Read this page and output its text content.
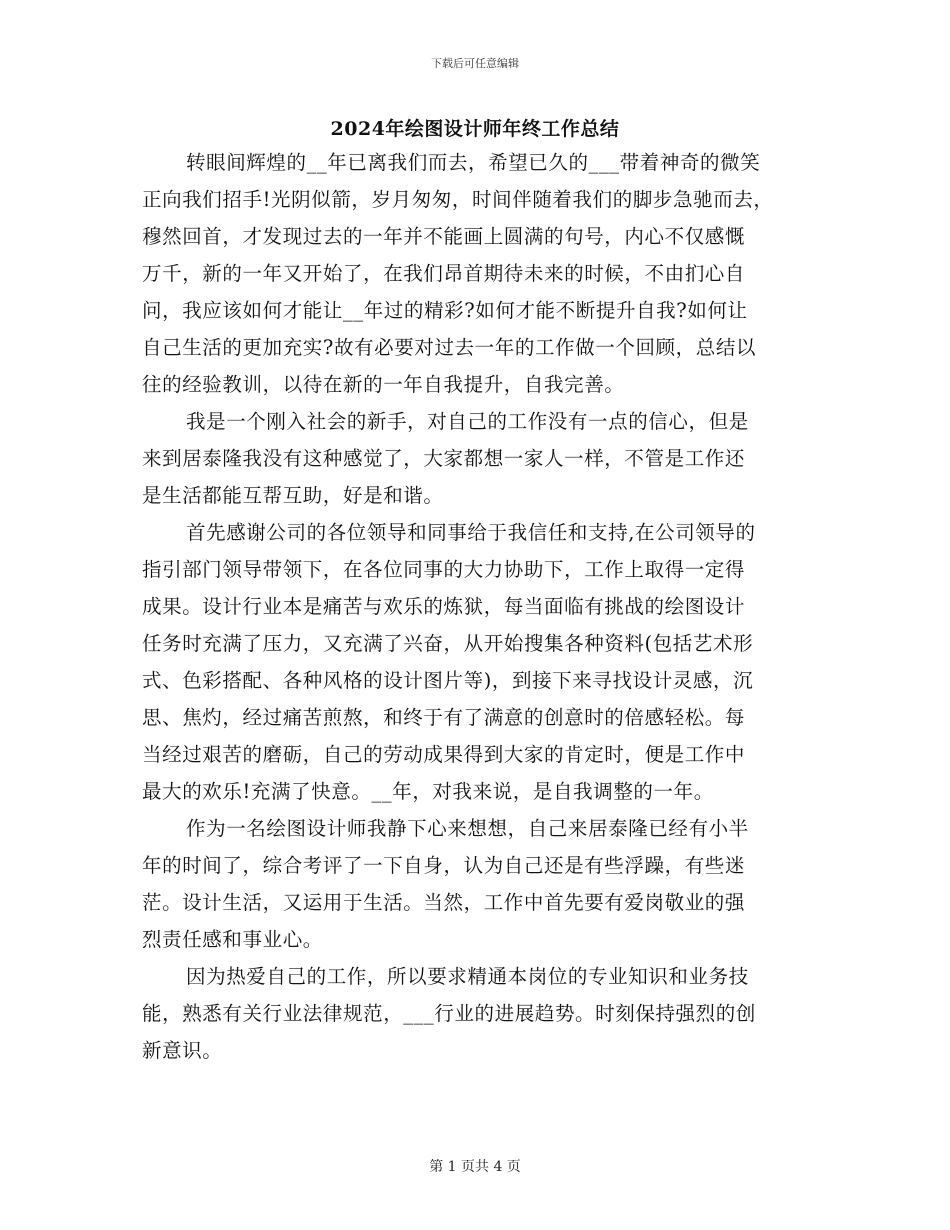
下载后可任意编辑
2024年绘图设计师年终工作总结
转眼间辉煌的__年已离我们而去，希望已久的___带着神奇的微笑
正向我们招手!光阴似箭，岁月匆匆，时间伴随着我们的脚步急驰而去，
穆然回首，才发现过去的一年并不能画上圆满的句号，内心不仅感慨
万千，新的一年又开始了，在我们昂首期待未来的时候，不由扪心自
问，我应该如何才能让__年过的精彩?如何才能不断提升自我?如何让
自己生活的更加充实?故有必要对过去一年的工作做一个回顾，总结以
往的经验教训，以待在新的一年自我提升，自我完善。
我是一个刚入社会的新手，对自己的工作没有一点的信心，但是
来到居泰隆我没有这种感觉了，大家都想一家人一样，不管是工作还
是生活都能互帮互助，好是和谐。
首先感谢公司的各位领导和同事给于我信任和支持,在公司领导的
指引部门领导带领下，在各位同事的大力协助下，工作上取得一定得
成果。设计行业本是痛苦与欢乐的炼狱，每当面临有挑战的绘图设计
任务时充满了压力，又充满了兴奋，从开始搜集各种资料(包括艺术形
式、色彩搭配、各种风格的设计图片等)，到接下来寻找设计灵感，沉
思、焦灼，经过痛苦煎熬，和终于有了满意的创意时的倍感轻松。每
当经过艰苦的磨砺，自己的劳动成果得到大家的肯定时，便是工作中
最大的欢乐!充满了快意。__年，对我来说，是自我调整的一年。
作为一名绘图设计师我静下心来想想，自己来居泰隆已经有小半
年的时间了，综合考评了一下自身，认为自己还是有些浮躁，有些迷
茫。设计生活，又运用于生活。当然，工作中首先要有爱岗敬业的强
烈责任感和事业心。
因为热爱自己的工作，所以要求精通本岗位的专业知识和业务技
能，熟悉有关行业法律规范，___行业的进展趋势。时刻保持强烈的创
新意识。
第 1 页共 4 页
